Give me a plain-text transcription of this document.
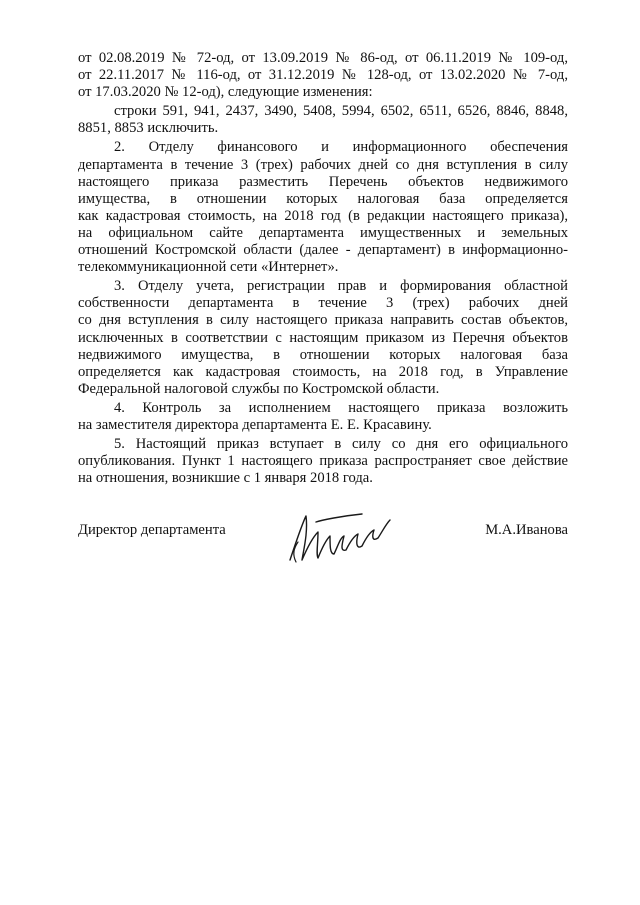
от 02.08.2019 № 72-од, от 13.09.2019 № 86-од, от 06.11.2019 № 109-од,
от 22.11.2017 № 116-од, от 31.12.2019 № 128-од, от 13.02.2020 № 7-од,
от 17.03.2020 № 12-од), следующие изменения:
строки 591, 941, 2437, 3490, 5408, 5994, 6502, 6511, 6526, 8846, 8848,
8851, 8853 исключить.
2. Отделу финансового и информационного обеспечения
департамента в течение 3 (трех) рабочих дней со дня вступления в силу
настоящего приказа разместить Перечень объектов недвижимого
имущества, в отношении которых налоговая база определяется
как кадастровая стоимость, на 2018 год (в редакции настоящего приказа),
на официальном сайте департамента имущественных и земельных
отношений Костромской области (далее - департамент) в информационно-
телекоммуникационной сети «Интернет».
3. Отделу учета, регистрации прав и формирования областной
собственности департамента в течение 3 (трех) рабочих дней
со дня вступления в силу настоящего приказа направить состав объектов,
исключенных в соответствии с настоящим приказом из Перечня объектов
недвижимого имущества, в отношении которых налоговая база
определяется как кадастровая стоимость, на 2018 год, в Управление
Федеральной налоговой службы по Костромской области.
4. Контроль за исполнением настоящего приказа возложить
на заместителя директора департамента Е. Е. Красавину.
5. Настоящий приказ вступает в силу со дня его официального
опубликования. Пункт 1 настоящего приказа распространяет свое действие
на отношения, возникшие с 1 января 2018 года.
Директор департамента	М.А.Иванова
